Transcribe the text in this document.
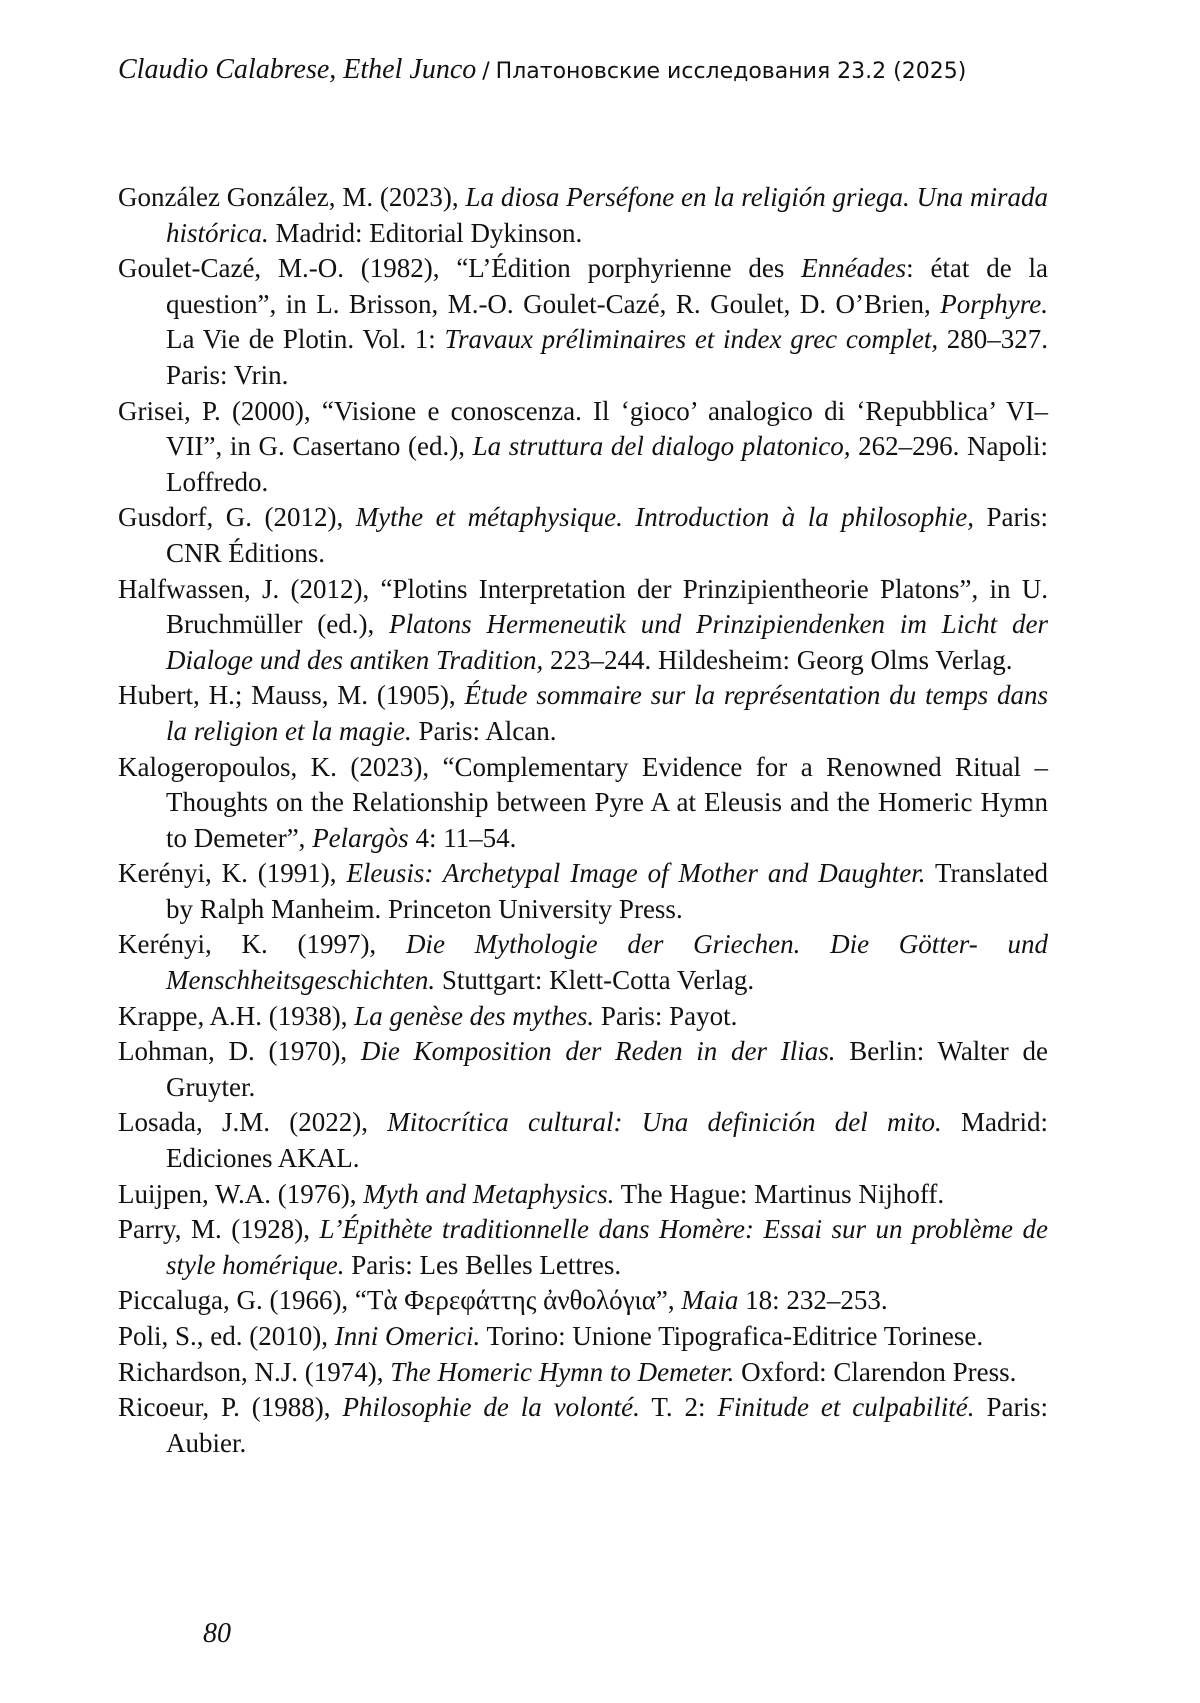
Claudio Calabrese, Ethel Junco / Платоновские исследования 23.2 (2025)

González González, M. (2023), La diosa Perséfone en la religión griega. Una mirada histórica. Madrid: Editorial Dykinson.

Goulet-Cazé, M.-O. (1982), “L’Édition porphyrienne des Ennéades: état de la question”, in L. Brisson, M.-O. Goulet-Cazé, R. Goulet, D. O’Brien, Porphyre. La Vie de Plotin. Vol. 1: Travaux préliminaires et index grec complet, 280–327. Paris: Vrin.

Grisei, P. (2000), “Visione e conoscenza. Il ‘gioco’ analogico di ‘Repubblica’ VI–VII”, in G. Casertano (ed.), La struttura del dialogo platonico, 262–296. Napoli: Loffredo.

Gusdorf, G. (2012), Mythe et métaphysique. Introduction à la philosophie, Paris: CNR Éditions.

Halfwassen, J. (2012), “Plotins Interpretation der Prinzipientheorie Platons”, in U. Bruchmüller (ed.), Platons Hermeneutik und Prinzipiendenken im Licht der Dialoge und des antiken Tradition, 223–244. Hildesheim: Georg Olms Verlag.

Hubert, H.; Mauss, M. (1905), Étude sommaire sur la représentation du temps dans la religion et la magie. Paris: Alcan.

Kalogeropoulos, K. (2023), “Complementary Evidence for a Renowned Ritual – Thoughts on the Relationship between Pyre A at Eleusis and the Homeric Hymn to Demeter”, Pelargòs 4: 11–54.

Kerényi, K. (1991), Eleusis: Archetypal Image of Mother and Daughter. Translated by Ralph Manheim. Princeton University Press.

Kerényi, K. (1997), Die Mythologie der Griechen. Die Götter- und Menschheitsgeschichten. Stuttgart: Klett-Cotta Verlag.

Krappe, A.H. (1938), La genèse des mythes. Paris: Payot.

Lohman, D. (1970), Die Komposition der Reden in der Ilias. Berlin: Walter de Gruyter.

Losada, J.M. (2022), Mitocrítica cultural: Una definición del mito. Madrid: Ediciones AKAL.

Luijpen, W.A. (1976), Myth and Metaphysics. The Hague: Martinus Nijhoff.

Parry, M. (1928), L’Épithète traditionnelle dans Homère: Essai sur un problème de style homérique. Paris: Les Belles Lettres.

Piccaluga, G. (1966), “Τὰ Φερεφάττης ἀνθολόγια”, Maia 18: 232–253.

Poli, S., ed. (2010), Inni Omerici. Torino: Unione Tipografica-Editrice Torinese.

Richardson, N.J. (1974), The Homeric Hymn to Demeter. Oxford: Clarendon Press.

Ricoeur, P. (1988), Philosophie de la volonté. T. 2: Finitude et culpabilité. Paris: Aubier.

80
